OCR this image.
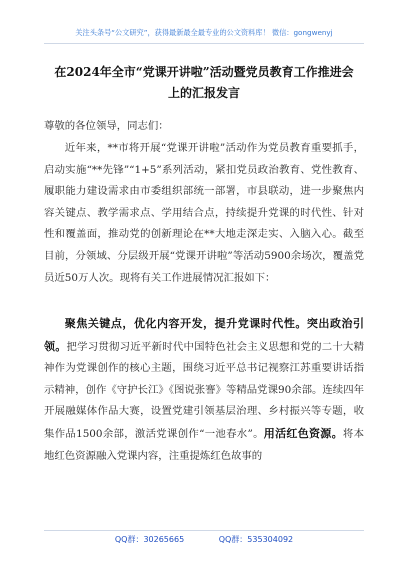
关注头条号“公文研究”，获得最新最全最专业的公文资料库！ 微信：gongwenyj
在2024年全市“党课开讲啦”活动暨党员教育工作推进会
上的汇报发言
尊敬的各位领导，同志们：
近年来，**市将开展“党课开讲啦”活动作为党员教育重要抓手，启动实施“**先锋”“1+5”系列活动，紧扣党员政治教育、党性教育、履职能力建设需求由市委组织部统一部署，市县联动，进一步聚焦内容关键点、教学需求点、学用结合点，持续提升党课的时代性、针对性和覆盖面，推动党的创新理论在**大地走深走实、入脑入心。截至目前，分领域、分层级开展“党课开讲啦”等活动5900余场次，覆盖党员近50万人次。现将有关工作进展情况汇报如下：
聚焦关键点，优化内容开发，提升党课时代性。突出政治引领。把学习贯彻习近平新时代中国特色社会主义思想和党的二十大精神作为党课创作的核心主题，围绕习近平总书记视察江苏重要讲话指示精神，创作《守护长江》《图说张謇》等精品党课90余部。连续四年开展融媒体作品大赛，设置党建引领基层治理、乡村振兴等专题，收集作品1500余部，激活党课创作“一池春水”。用活红色资源。将本地红色资源融入党课内容，注重提炼红色故事的
QQ群：30265665	QQ群：535304092
